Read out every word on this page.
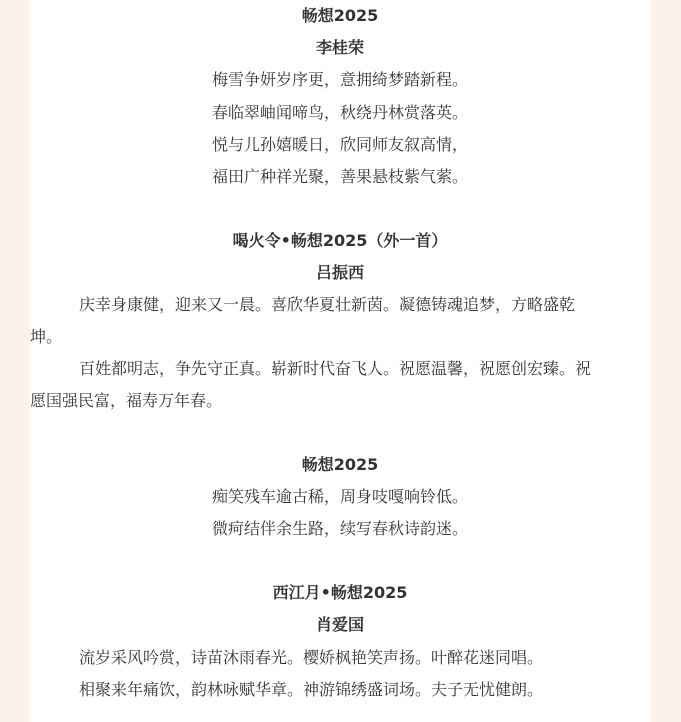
畅想2025
李桂荣
梅雪争妍岁序更，意拥绮梦踏新程。
春临翠岫闻啼鸟，秋绕丹林赏落英。
悦与儿孙嬉暖日，欣同师友叙高情，
福田广种祥光聚，善果悬枝紫气萦。
喝火令•畅想2025（外一首）
吕振西
庆幸身康健，迎来又一晨。喜欣华夏壮新茵。凝德铸魂追梦，方略盛乾
坤。
百姓都明志，争先守正真。崭新时代奋飞人。祝愿温馨，祝愿创宏臻。祝
愿国强民富，福寿万年春。
畅想2025
痴笑残车逾古稀，周身吱嘎响铃低。
微疴结伴余生路，续写春秋诗韵迷。
西江月•畅想2025
肖爱国
流岁采风吟赏，诗苗沐雨春光。樱娇枫艳笑声扬。叶醉花迷同唱。
相聚来年痛饮，韵林咏赋华章。神游锦绣盛词场。夫子无忧健朗。
